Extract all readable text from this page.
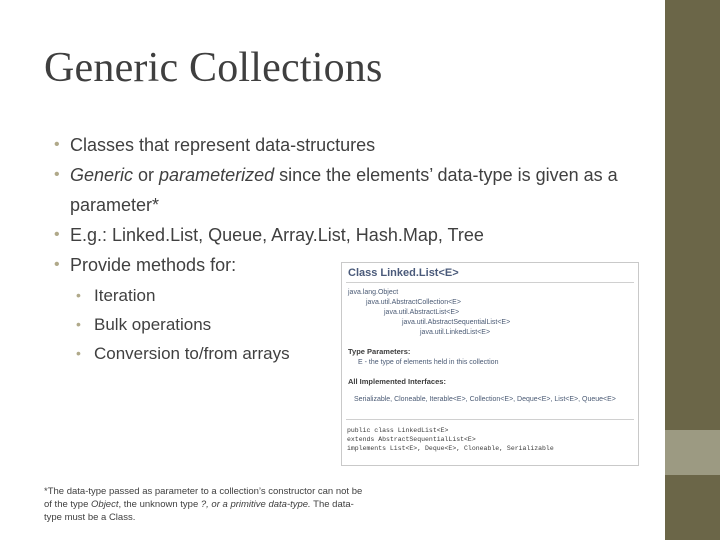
Generic Collections
• Classes that represent data-structures
• Generic or parameterized since the elements’ data-type is given as a parameter*
• E.g.: Linked.List, Queue, Array.List, Hash.Map, Tree
• Provide methods for:
• Iteration
• Bulk operations
• Conversion to/from arrays
Class Linked.List<E>
java.lang.Object
java.util.AbstractCollection<E>
java.util.AbstractList<E>
java.util.AbstractSequentialList<E>
java.util.LinkedList<E>
Type Parameters:
E - the type of elements held in this collection
All Implemented Interfaces:
Serializable, Cloneable, Iterable<E>, Collection<E>, Deque<E>, List<E>, Queue<E>
public class LinkedList<E>
extends AbstractSequentialList<E>
implements List<E>, Deque<E>, Cloneable, Serializable
*The data-type passed as parameter to a collection’s constructor can not be of the type Object, the unknown type ?, or a primitive data-type. The data-type must be a Class.
